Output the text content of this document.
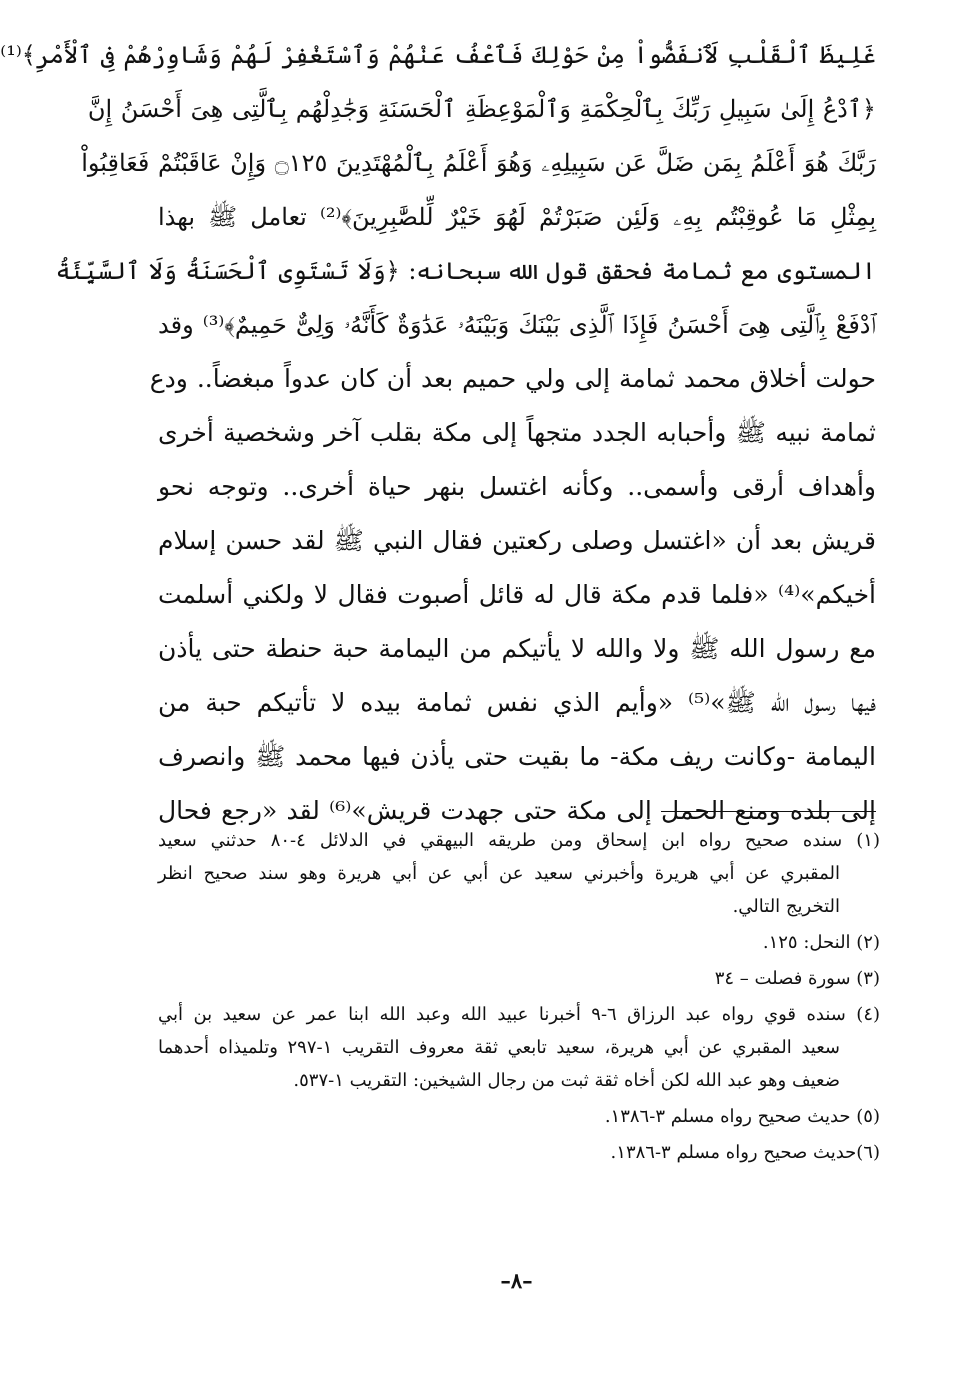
غَلِيظَ ٱلْقَلْبِ لَٱنفَضُّواْ مِنْ حَوْلِكَ فَٱعْفُ عَنْهُمْ وَٱسْتَغْفِرْ لَهُمْ وَشَاوِرْهُمْ فِى ٱلْأَمْرِ﴾⁽¹⁾
﴿ٱدْعُ إِلَىٰ سَبِيلِ رَبِّكَ بِٱلْحِكْمَةِ وَٱلْمَوْعِظَةِ ٱلْحَسَنَةِ وَجَٰدِلْهُم بِٱلَّتِى هِىَ أَحْسَنُ إِنَّ
رَبَّكَ هُوَ أَعْلَمُ بِمَن ضَلَّ عَن سَبِيلِهِۦ وَهُوَ أَعْلَمُ بِٱلْمُهْتَدِينَ ۝١٢٥ وَإِنْ عَاقَبْتُمْ فَعَاقِبُواْ
بِمِثْلِ مَا عُوقِبْتُم بِهِۦ وَلَئِن صَبَرْتُمْ لَهُوَ خَيْرٌ لِّلصَّٰبِرِينَ﴾⁽²⁾ تعامل ﷺ بهذا
المستوى مع ثمامة فحقق قول الله سبحانه: ﴿وَلَا تَسْتَوِى ٱلْحَسَنَةُ وَلَا ٱلسَّيِّئَةُ
ٱدْفَعْ بِٱلَّتِى هِىَ أَحْسَنُ فَإِذَا ٱلَّذِى بَيْنَكَ وَبَيْنَهُۥ عَدَٰوَةٌ كَأَنَّهُۥ وَلِىٌّ حَمِيمٌ﴾⁽³⁾ وقد
حولت أخلاق محمد ثمامة إلى ولي حميم بعد أن كان عدواً مبغضاً.. ودع
ثمامة نبيه ﷺ وأحبابه الجدد متجهاً إلى مكة بقلب آخر وشخصية أخرى
وأهداف أرقى وأسمى.. وكأنه اغتسل بنهر حياة أخرى.. وتوجه نحو
قريش بعد أن «اغتسل وصلى ركعتين فقال النبي ﷺ لقد حسن إسلام
أخيكم»⁽⁴⁾ «فلما قدم مكة قال له قائل أصبوت فقال لا ولكني أسلمت
مع رسول الله ﷺ ولا والله لا يأتيكم من اليمامة حبة حنطة حتى يأذن
فيها رسول الله ﷺ»⁽⁵⁾ «وأيم الذي نفس ثمامة بيده لا تأتيكم حبة من
اليمامة -وكانت ريف مكة- ما بقيت حتى يأذن فيها محمد ﷺ وانصرف
إلى بلده ومنع الحمل إلى مكة حتى جهدت قريش»⁽⁶⁾ لقد «رجع فحال
(١) سنده صحيح رواه ابن إسحاق ومن طريقه البيهقي في الدلائل ٤-٨٠ حدثني سعيد
المقبري عن أبي هريرة وأخبرني سعيد عن أبي عن أبي هريرة وهو سند صحيح انظر
التخريج التالي.
(٢) النحل: ١٢٥.
(٣) سورة فصلت – ٣٤
(٤) سنده قوي رواه عبد الرزاق ٦-٩ أخبرنا عبيد الله وعبد الله ابنا عمر عن سعيد بن أبي
سعيد المقبري عن أبي هريرة، سعيد تابعي ثقة معروف التقريب ١-٢٩٧ وتلميذاه أحدهما
ضعيف وهو عبد الله لكن أخاه ثقة ثبت من رجال الشيخين: التقريب ١-٥٣٧.
(٥) حديث صحيح رواه مسلم ٣-١٣٨٦.
(٦)حديث صحيح رواه مسلم ٣-١٣٨٦.
–٨–
